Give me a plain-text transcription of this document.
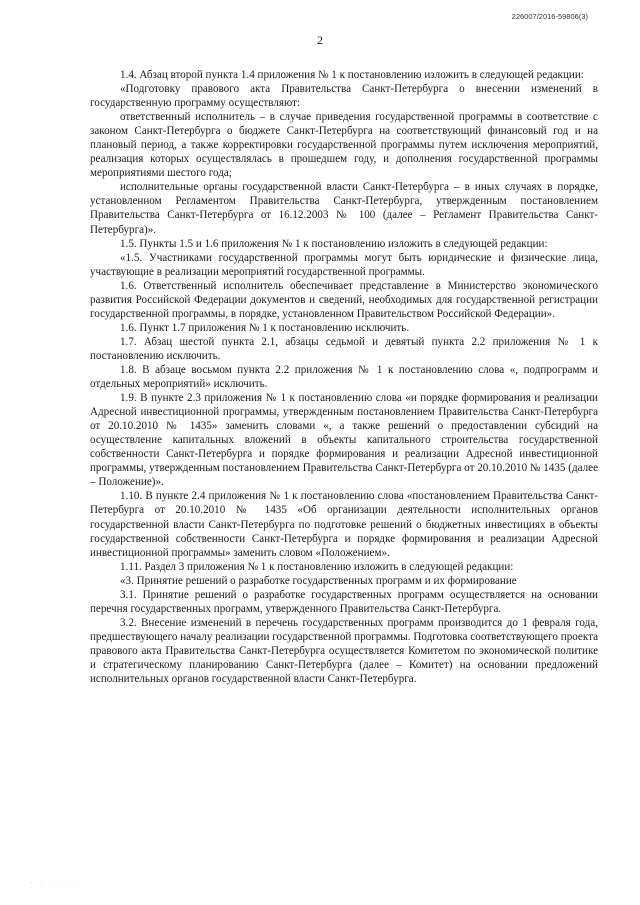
226007/2016-59806(3)
2

1.4. Абзац второй пункта 1.4 приложения № 1 к постановлению изложить в следующей редакции:

«Подготовку правового акта Правительства Санкт-Петербурга о внесении изменений в государственную программу осуществляют:

ответственный исполнитель – в случае приведения государственной программы в соответствие с законом Санкт-Петербурга о бюджете Санкт-Петербурга на соответствующий финансовый год и на плановый период, а также корректировки государственной программы путем исключения мероприятий, реализация которых осуществлялась в прошедшем году, и дополнения государственной программы мероприятиями шестого года;

исполнительные органы государственной власти Санкт-Петербурга – в иных случаях в порядке, установленном Регламентом Правительства Санкт-Петербурга, утвержденным постановлением Правительства Санкт-Петербурга от 16.12.2003 № 100 (далее – Регламент Правительства Санкт-Петербурга)».

1.5. Пункты 1.5 и 1.6 приложения № 1 к постановлению изложить в следующей редакции:

«1.5. Участниками государственной программы могут быть юридические и физические лица, участвующие в реализации мероприятий государственной программы.

1.6. Ответственный исполнитель обеспечивает представление в Министерство экономического развития Российской Федерации документов и сведений, необходимых для государственной регистрации государственной программы, в порядке, установленном Правительством Российской Федерации».

1.6. Пункт 1.7 приложения № 1 к постановлению исключить.

1.7. Абзац шестой пункта 2.1, абзацы седьмой и девятый пункта 2.2 приложения № 1 к постановлению исключить.

1.8. В абзаце восьмом пункта 2.2 приложения № 1 к постановлению слова «, подпрограмм и отдельных мероприятий» исключить.

1.9. В пункте 2.3 приложения № 1 к постановлению слова «и порядке формирования и реализации Адресной инвестиционной программы, утвержденным постановлением Правительства Санкт-Петербурга от 20.10.2010 № 1435» заменить словами «, а также решений о предоставлении субсидий на осуществление капитальных вложений в объекты капитального строительства государственной собственности Санкт-Петербурга и порядке формирования и реализации Адресной инвестиционной программы, утвержденным постановлением Правительства Санкт-Петербурга от 20.10.2010 № 1435 (далее – Положение)».

1.10. В пункте 2.4 приложения № 1 к постановлению слова «постановлением Правительства Санкт-Петербурга от 20.10.2010 № 1435 «Об организации деятельности исполнительных органов государственной власти Санкт-Петербурга по подготовке решений о бюджетных инвестициях в объекты государственной собственности Санкт-Петербурга и порядке формирования и реализации Адресной инвестиционной программы» заменить словом «Положением».

1.11. Раздел 3 приложения № 1 к постановлению изложить в следующей редакции:

«3. Принятие решений о разработке государственных программ и их формирование

3.1. Принятие решений о разработке государственных программ осуществляется на основании перечня государственных программ, утвержденного Правительства Санкт-Петербурга.

3.2. Внесение изменений в перечень государственных программ производится до 1 февраля года, предшествующего началу реализации государственной программы. Подготовка соответствующего проекта правового акта Правительства Санкт-Петербурга осуществляется Комитетом по экономической политике и стратегическому планированию Санкт-Петербурга (далее – Комитет) на основании предложений исполнительных органов государственной власти Санкт-Петербурга.

· · · · · ·
